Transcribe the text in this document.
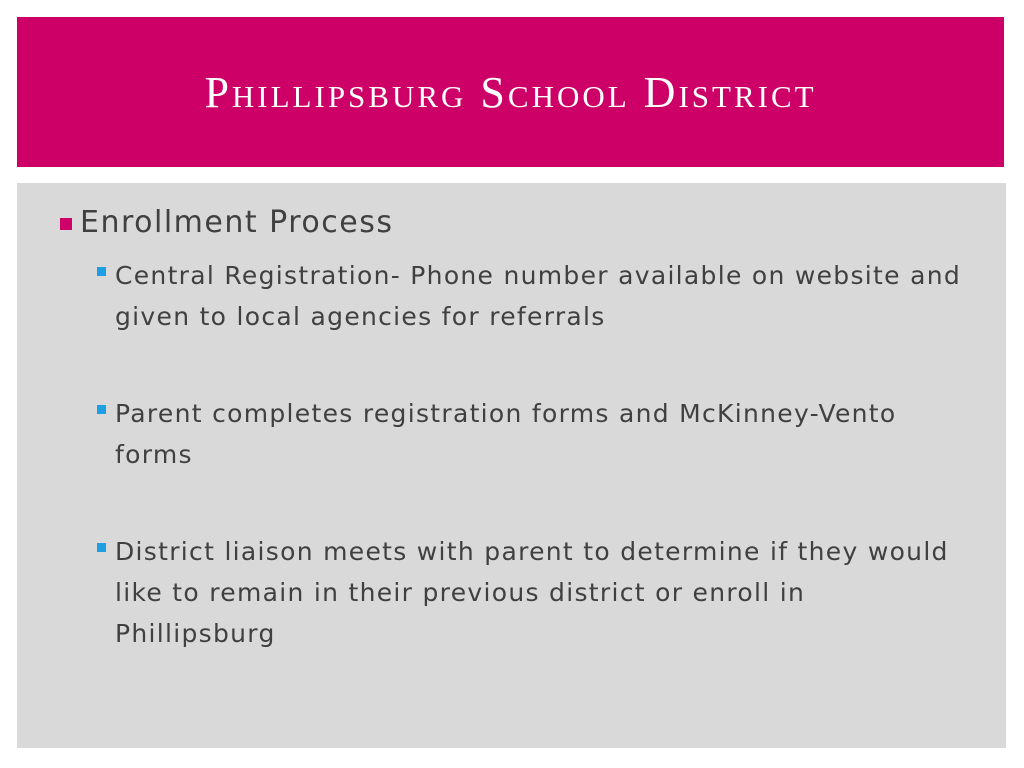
Phillipsburg School District
Enrollment Process
Central Registration- Phone number available on website and given to local agencies for referrals
Parent completes registration forms and McKinney-Vento forms
District liaison meets with parent to determine if they would like to remain in their previous district or enroll in Phillipsburg
